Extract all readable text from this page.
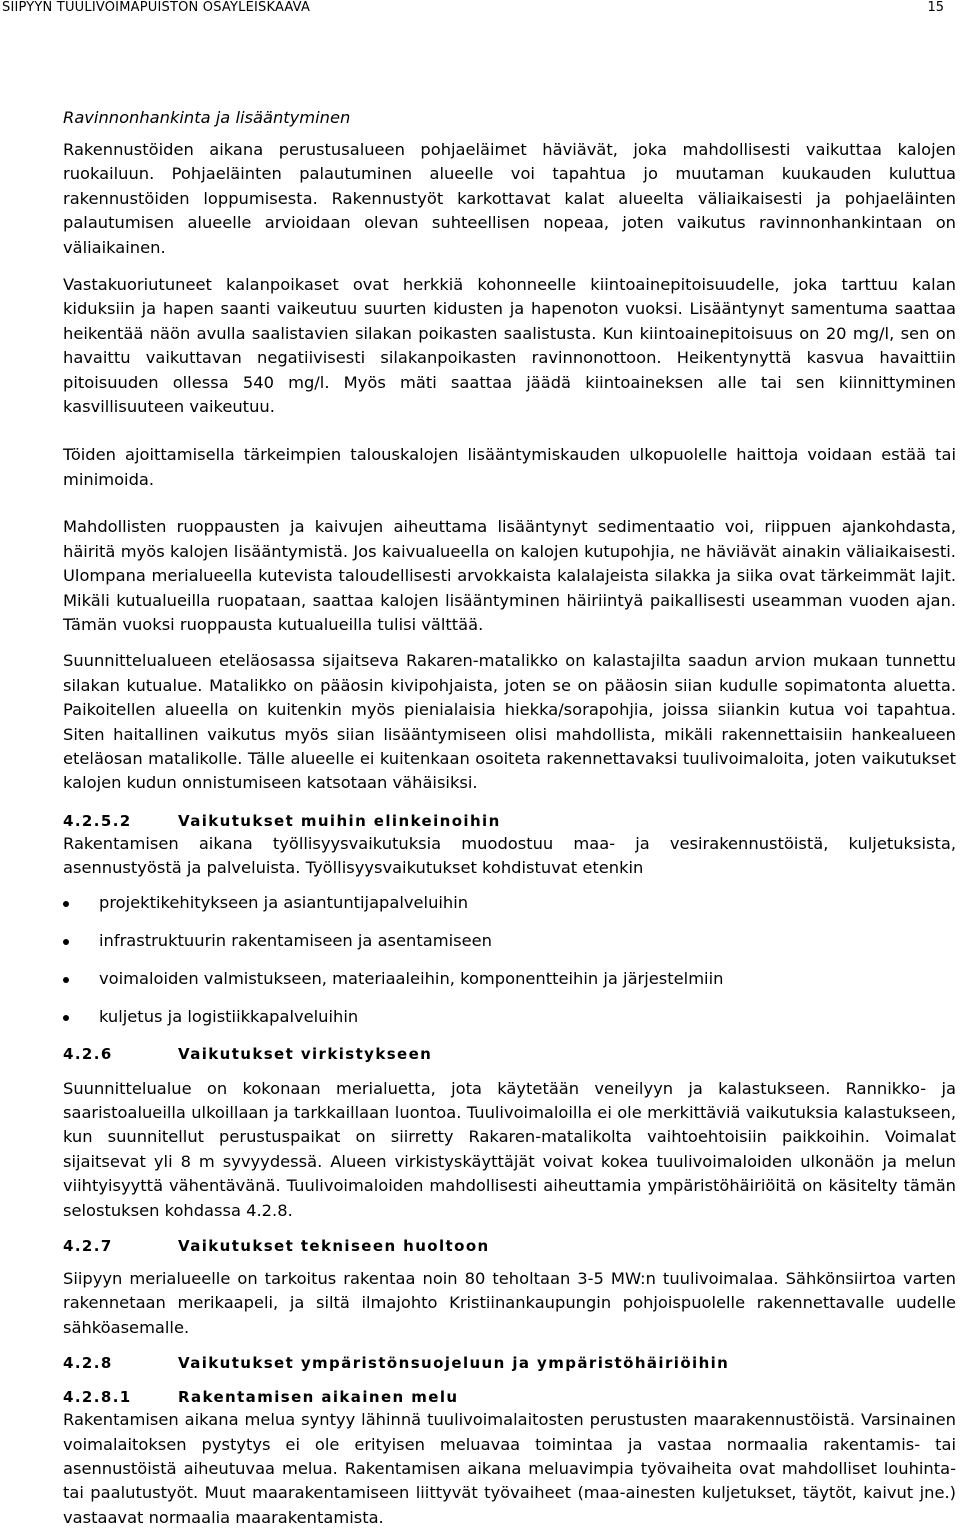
SIIPYYN TUULIVOIMAPUISTON OSAYLEISKAAVA	15

Ravinnonhankinta ja lisääntyminen

Rakennustöiden aikana perustusalueen pohjaeläimet häviävät, joka mahdollisesti vaikuttaa kalojen ruokailuun. Pohjaeläinten palautuminen alueelle voi tapahtua jo muutaman kuukauden kuluttua rakennustöiden loppumisesta. Rakennustyöt karkottavat kalat alueelta väliaikaisesti ja pohjaeläinten palautumisen alueelle arvioidaan olevan suhteellisen nopeaa, joten vaikutus ravinnonhankintaan on väliaikainen.

Vastakuoriutuneet kalanpoikaset ovat herkkiä kohonneelle kiintoainepitoisuudelle, joka tarttuu kalan kiduksiin ja hapen saanti vaikeutuu suurten kidusten ja hapenoton vuoksi. Lisääntynyt samentuma saattaa heikentää näön avulla saalistavien silakan poikasten saalistusta. Kun kiintoainepitoisuus on 20 mg/l, sen on havaittu vaikuttavan negatiivisesti silakanpoikasten ravinnonottoon. Heikentynyttä kasvua havaittiin pitoisuuden ollessa 540 mg/l. Myös mäti saattaa jäädä kiintoaineksen alle tai sen kiinnittyminen kasvillisuuteen vaikeutuu.

Töiden ajoittamisella tärkeimpien talouskalojen lisääntymiskauden ulkopuolelle haittoja voidaan estää tai minimoida.

Mahdollisten ruoppausten ja kaivujen aiheuttama lisääntynyt sedimentaatio voi, riippuen ajankohdasta, häiritä myös kalojen lisääntymistä. Jos kaivualueella on kalojen kutupohjia, ne häviävät ainakin väliaikaisesti. Ulompana merialueella kutevista taloudellisesti arvokkaista kalalajeista silakka ja siika ovat tärkeimmät lajit. Mikäli kutualueilla ruopataan, saattaa kalojen lisääntyminen häiriintyä paikallisesti useamman vuoden ajan. Tämän vuoksi ruoppausta kutualueilla tulisi välttää.

Suunnittelualueen eteläosassa sijaitseva Rakaren-matalikko on kalastajilta saadun arvion mukaan tunnettu silakan kutualue. Matalikko on pääosin kivipohjaista, joten se on pääosin siian kudulle sopimatonta aluetta. Paikoitellen alueella on kuitenkin myös pienialaisia hiekka/sorapohjia, joissa siiankin kutua voi tapahtua. Siten haitallinen vaikutus myös siian lisääntymiseen olisi mahdollista, mikäli rakennettaisiin hankealueen eteläosan matalikolle. Tälle alueelle ei kuitenkaan osoiteta rakennettavaksi tuulivoimaloita, joten vaikutukset kalojen kudun onnistumiseen katsotaan vähäisiksi.

4.2.5.2	Vaikutukset muihin elinkeinoihin

Rakentamisen aikana työllisyysvaikutuksia muodostuu maa- ja vesirakennustöistä, kuljetuksista, asennustyöstä ja palveluista. Työllisyysvaikutukset kohdistuvat etenkin

projektikehitykseen ja asiantuntijapalveluihin
infrastruktuurin rakentamiseen ja asentamiseen
voimaloiden valmistukseen, materiaaleihin, komponentteihin ja järjestelmiin
kuljetus ja logistiikkapalveluihin
4.2.6	Vaikutukset virkistykseen

Suunnittelualue on kokonaan merialuetta, jota käytetään veneilyyn ja kalastukseen. Rannikko- ja saaristoalueilla ulkoillaan ja tarkkaillaan luontoa. Tuulivoimaloilla ei ole merkittäviä vaikutuksia kalastukseen, kun suunnitellut perustuspaikat on siirretty Rakaren-matalikolta vaihtoehtoisiin paikkoihin. Voimalat sijaitsevat yli 8 m syvyydessä. Alueen virkistyskäyttäjät voivat kokea tuulivoimaloiden ulkonäön ja melun viihtyisyyttä vähentävänä. Tuulivoimaloiden mahdollisesti aiheuttamia ympäristöhäiriöitä on käsitelty tämän selostuksen kohdassa 4.2.8.

4.2.7	Vaikutukset tekniseen huoltoon

Siipyyn merialueelle on tarkoitus rakentaa noin 80 teholtaan 3-5 MW:n tuulivoimalaa. Sähkönsiirtoa varten rakennetaan merikaapeli, ja siltä ilmajohto Kristiinankaupungin pohjoispuolelle rakennettavalle uudelle sähköasemalle.

4.2.8	Vaikutukset ympäristönsuojeluun ja ympäristöhäiriöihin
4.2.8.1	Rakentamisen aikainen melu

Rakentamisen aikana melua syntyy lähinnä tuulivoimalaitosten perustusten maarakennustöistä. Varsinainen voimalaitoksen pystytys ei ole erityisen meluavaa toimintaa ja vastaa normaalia rakentamis- tai asennustöistä aiheutuvaa melua. Rakentamisen aikana meluavimpia työvaiheita ovat mahdolliset louhinta- tai paalutustyöt. Muut maarakentamiseen liittyvät työvaiheet (maa-ainesten kuljetukset, täytöt, kaivut jne.) vastaavat normaalia maarakentamista.
